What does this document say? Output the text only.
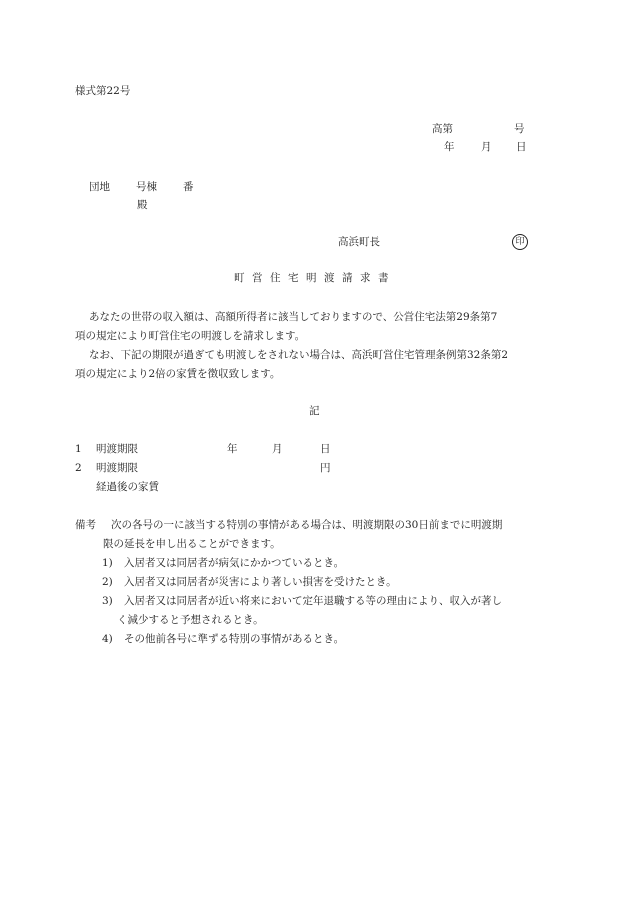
様式第22号
高第	号
年	月 日
団地 号棟 番
殿
高浜町長	印
町営住宅明渡請求書
あなたの世帯の収入額は、高額所得者に該当しておりますので、公営住宅法第29条第7
項の規定により町営住宅の明渡しを請求します。
なお、下記の期限が過ぎても明渡しをされない場合は、高浜町営住宅管理条例第32条第2
項の規定により2倍の家賃を徴収致します。
記
1 明渡期限	年	月	日
2 明渡期限	円
経過後の家賃
備考 次の各号の一に該当する特別の事情がある場合は、明渡期限の30日前までに明渡期
限の延長を申し出ることができます。
1) 入居者又は同居者が病気にかかつているとき。
2) 入居者又は同居者が災害により著しい損害を受けたとき。
3) 入居者又は同居者が近い将来において定年退職する等の理由により、収入が著し
く減少すると予想されるとき。
4) その他前各号に準ずる特別の事情があるとき。
